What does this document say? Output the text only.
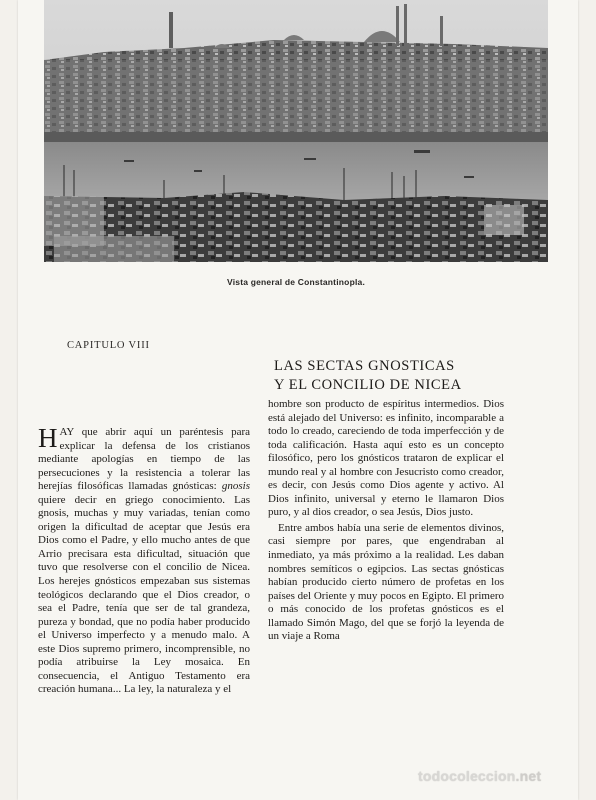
Vista general de Constantinopla.
CAPITULO VIII
LAS SECTAS GNOSTICAS
Y EL CONCILIO DE NICEA

HAY que abrir aquí un paréntesis para explicar la defensa de los cristianos mediante apologías en tiempo de las persecuciones y la resistencia a tolerar las herejías filosóficas llamadas gnósticas: gnosis quiere decir en griego conocimiento. Las gnosis, muchas y muy variadas, tenían como origen la dificultad de aceptar que Jesús era Dios como el Padre, y ello mucho antes de que Arrio precisara esta dificultad, situación que tuvo que resolverse con el concilio de Nicea. Los herejes gnósticos empezaban sus sistemas teológicos declarando que el Dios creador, o sea el Padre, tenía que ser de tal grandeza, pureza y bondad, que no podía haber producido el Universo imperfecto y a menudo malo. A este Dios supremo primero, incomprensible, no podía atribuirse la Ley mosaica. En consecuencia, el Antiguo Testamento era creación humana... La ley, la naturaleza y el

hombre son producto de espíritus intermedios. Dios está alejado del Universo: es infinito, incomparable a todo lo creado, careciendo de toda imperfección y de toda calificación. Hasta aquí esto es un concepto filosófico, pero los gnósticos trataron de explicar el mundo real y al hombre con Jesucristo como creador, es decir, con Jesús como Dios agente y activo. Al Dios infinito, universal y eterno le llamaron Dios puro, y al dios creador, o sea Jesús, Dios justo.

Entre ambos había una serie de elementos divinos, casi siempre por pares, que engendraban al inmediato, ya más próximo a la realidad. Les daban nombres semíticos o egipcios. Las sectas gnósticas habían producido cierto número de profetas en los países del Oriente y muy pocos en Egipto. El primero o más conocido de los profetas gnósticos es el llamado Simón Mago, del que se forjó la leyenda de un viaje a Roma

todocoleccion.net
